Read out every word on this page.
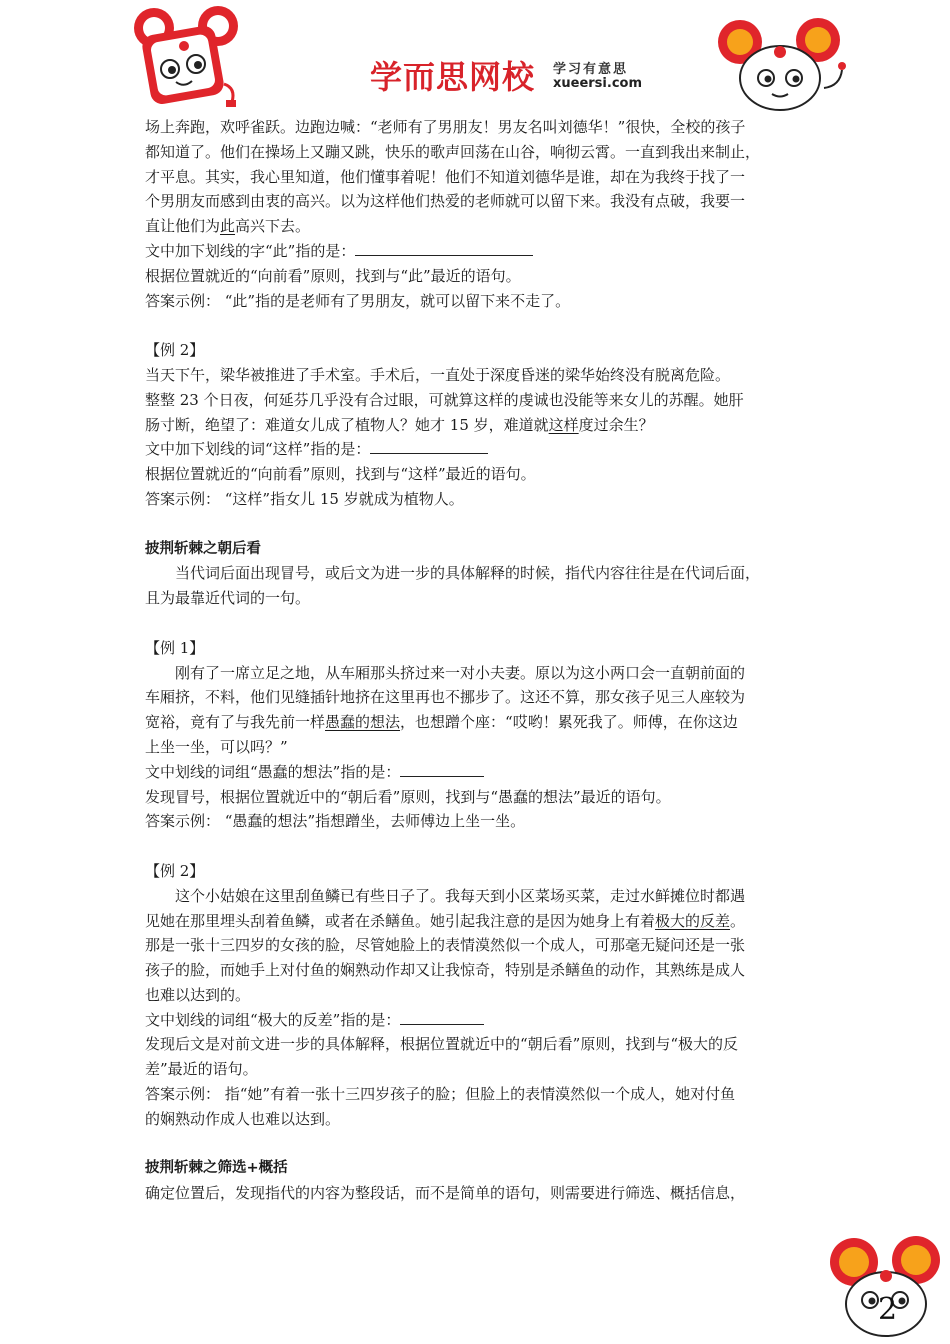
学而思网校 学习有意思
xueersi.com

场上奔跑，欢呼雀跃。边跑边喊：“老师有了男朋友！男友名叫刘德华！”很快，全校的孩子

都知道了。他们在操场上又蹦又跳，快乐的歌声回荡在山谷，响彻云霄。一直到我出来制止，

才平息。其实，我心里知道，他们懂事着呢！他们不知道刘德华是谁，却在为我终于找了一

个男朋友而感到由衷的高兴。以为这样他们热爱的老师就可以留下来。我没有点破，我要一

直让他们为此高兴下去。

文中加下划线的字“此”指的是：

根据位置就近的“向前看”原则，找到与“此”最近的语句。

答案示例： “此”指的是老师有了男朋友，就可以留下来不走了。

【例 2】

当天下午，梁华被推进了手术室。手术后，一直处于深度昏迷的梁华始终没有脱离危险。

整整 23 个日夜，何延芬几乎没有合过眼，可就算这样的虔诚也没能等来女儿的苏醒。她肝

肠寸断，绝望了：难道女儿成了植物人？她才 15 岁，难道就这样度过余生？

文中加下划线的词“这样”指的是：

根据位置就近的“向前看”原则，找到与“这样”最近的语句。

答案示例： “这样”指女儿 15 岁就成为植物人。

披荆斩棘之朝后看

当代词后面出现冒号，或后文为进一步的具体解释的时候，指代内容往往是在代词后面，

且为最靠近代词的一句。

【例 1】

刚有了一席立足之地，从车厢那头挤过来一对小夫妻。原以为这小两口会一直朝前面的

车厢挤，不料，他们见缝插针地挤在这里再也不挪步了。这还不算，那女孩子见三人座较为

宽裕，竟有了与我先前一样愚蠢的想法，也想蹭个座：“哎哟！累死我了。师傅，在你这边

上坐一坐，可以吗？”

文中划线的词组“愚蠢的想法”指的是：

发现冒号，根据位置就近中的“朝后看”原则，找到与“愚蠢的想法”最近的语句。

答案示例： “愚蠢的想法”指想蹭坐，去师傅边上坐一坐。

【例 2】

这个小姑娘在这里刮鱼鳞已有些日子了。我每天到小区菜场买菜，走过水鲜摊位时都遇

见她在那里埋头刮着鱼鳞，或者在杀鳝鱼。她引起我注意的是因为她身上有着极大的反差。

那是一张十三四岁的女孩的脸，尽管她脸上的表情漠然似一个成人，可那毫无疑问还是一张

孩子的脸，而她手上对付鱼的娴熟动作却又让我惊奇，特别是杀鳝鱼的动作，其熟练是成人

也难以达到的。

文中划线的词组“极大的反差”指的是：

发现后文是对前文进一步的具体解释，根据位置就近中的“朝后看”原则，找到与“极大的反

差”最近的语句。

答案示例： 指“她”有着一张十三四岁孩子的脸；但脸上的表情漠然似一个成人，她对付鱼

的娴熟动作成人也难以达到。

披荆斩棘之筛选+概括

确定位置后，发现指代的内容为整段话，而不是简单的语句，则需要进行筛选、概括信息，

2
